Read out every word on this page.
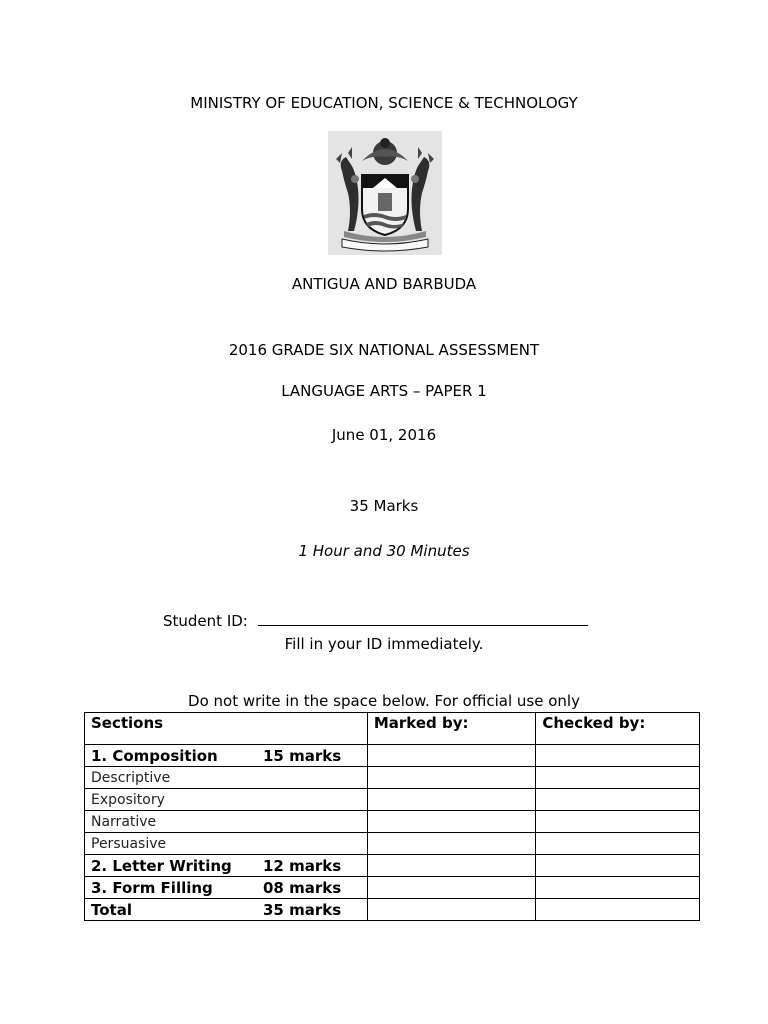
MINISTRY OF EDUCATION, SCIENCE & TECHNOLOGY
ANTIGUA AND BARBUDA
2016 GRADE SIX NATIONAL ASSESSMENT
LANGUAGE ARTS – PAPER 1
June 01, 2016
35 Marks
1 Hour and 30 Minutes
Student ID:
Fill in your ID immediately.
Do not write in the space below. For official use only
Sections	Marked by:	Checked by:
1. Composition 15 marks		
Descriptive		
Expository		
Narrative		
Persuasive		
2. Letter Writing 12 marks		
3. Form Filling 08 marks		
Total 35 marks		
